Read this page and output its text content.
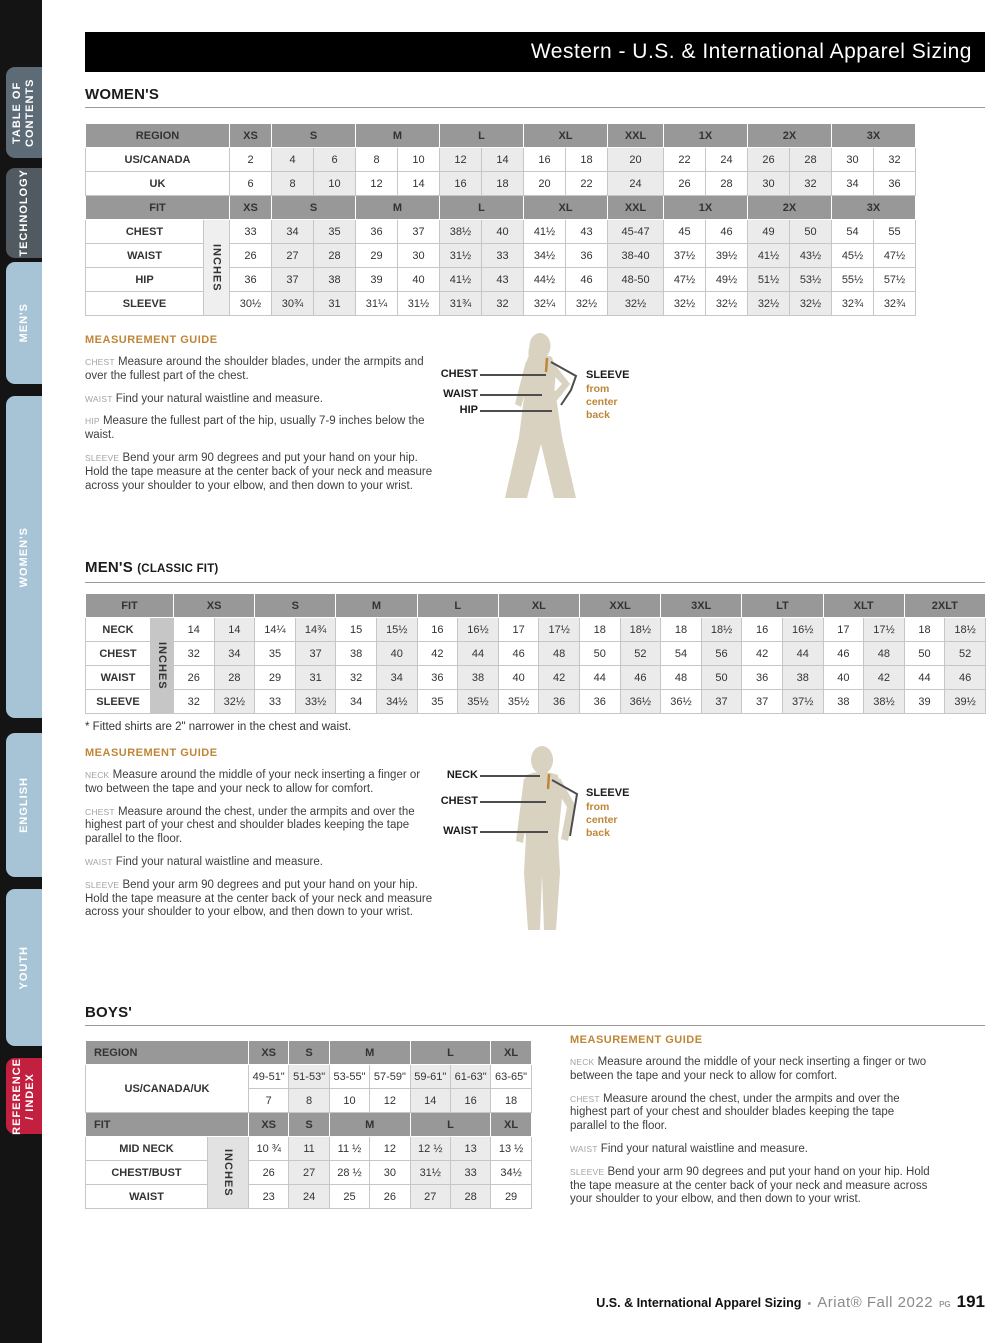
TABLE OF CONTENTS
TECHNOLOGY
MEN'S
WOMEN'S
ENGLISH
YOUTH
REFERENCE / INDEX
Western - U.S. & International Apparel Sizing
WOMEN'S
REGION		XS	S		M		L		XL		XXL	1X		2X		3X	
US/CANADA		2	4	6	8	10	12	14	16	18	20	22	24	26	28	30	32
UK		6	8	10	12	14	16	18	20	22	24	26	28	30	32	34	36
FIT		XS	S		M		L		XL		XXL	1X		2X		3X	
CHEST	INCHES	33	34	35	36	37	38½	40	41½	43	45-47	45	46	49	50	54	55
WAIST		26	27	28	29	30	31½	33	34½	36	38-40	37½	39½	41½	43½	45½	47½
HIP		36	37	38	39	40	41½	43	44½	46	48-50	47½	49½	51½	53½	55½	57½
SLEEVE		30½	30¾	31	31¼	31½	31¾	32	32¼	32½	32½	32½	32½	32½	32½	32¾	32¾
MEASUREMENT GUIDE

CHEST Measure around the shoulder blades, under the armpits and over the fullest part of the chest.

WAIST Find your natural waistline and measure.

HIP Measure the fullest part of the hip, usually 7-9 inches below the waist.

SLEEVE Bend your arm 90 degrees and put your hand on your hip. Hold the tape measure at the center back of your neck and measure across your shoulder to your elbow, and then down to your wrist.

CHEST
WAIST
HIP
SLEEVE
from
center
back
MEN'S (CLASSIC FIT)
FIT		XS		S		M		L		XL		XXL		3XL		LT		XLT		2XLT	
NECK	INCHES	14	14	14¼	14¾	15	15½	16	16½	17	17½	18	18½	18	18½	16	16½	17	17½	18	18½
CHEST		32	34	35	37	38	40	42	44	46	48	50	52	54	56	42	44	46	48	50	52
WAIST		26	28	29	31	32	34	36	38	40	42	44	46	48	50	36	38	40	42	44	46
SLEEVE		32	32½	33	33½	34	34½	35	35½	35½	36	36	36½	36½	37	37	37½	38	38½	39	39½
* Fitted shirts are 2" narrower in the chest and waist.
MEASUREMENT GUIDE

NECK Measure around the middle of your neck inserting a finger or two between the tape and your neck to allow for comfort.

CHEST Measure around the chest, under the armpits and over the highest part of your chest and shoulder blades keeping the tape parallel to the floor.

WAIST Find your natural waistline and measure.

SLEEVE Bend your arm 90 degrees and put your hand on your hip. Hold the tape measure at the center back of your neck and measure across your shoulder to your elbow, and then down to your wrist.

NECK
CHEST
WAIST
SLEEVE
from
center
back
BOYS'
REGION		XS	S	M		L		XL
US/CANADA/UK		49-51"	51-53"	53-55"	57-59"	59-61"	61-63"	63-65"
		7	8	10	12	14	16	18
FIT		XS	S	M		L		XL
MID NECK	INCHES	10 ¾	11	11 ½	12	12 ½	13	13 ½
CHEST/BUST		26	27	28 ½	30	31½	33	34½
WAIST		23	24	25	26	27	28	29
MEASUREMENT GUIDE

NECK Measure around the middle of your neck inserting a finger or two between the tape and your neck to allow for comfort.

CHEST Measure around the chest, under the armpits and over the highest part of your chest and shoulder blades keeping the tape parallel to the floor.

WAIST Find your natural waistline and measure.

SLEEVE Bend your arm 90 degrees and put your hand on your hip. Hold the tape measure at the center back of your neck and measure across your shoulder to your elbow, and then down to your wrist.

U.S. & International Apparel Sizing • Ariat® Fall 2022 PG 191
